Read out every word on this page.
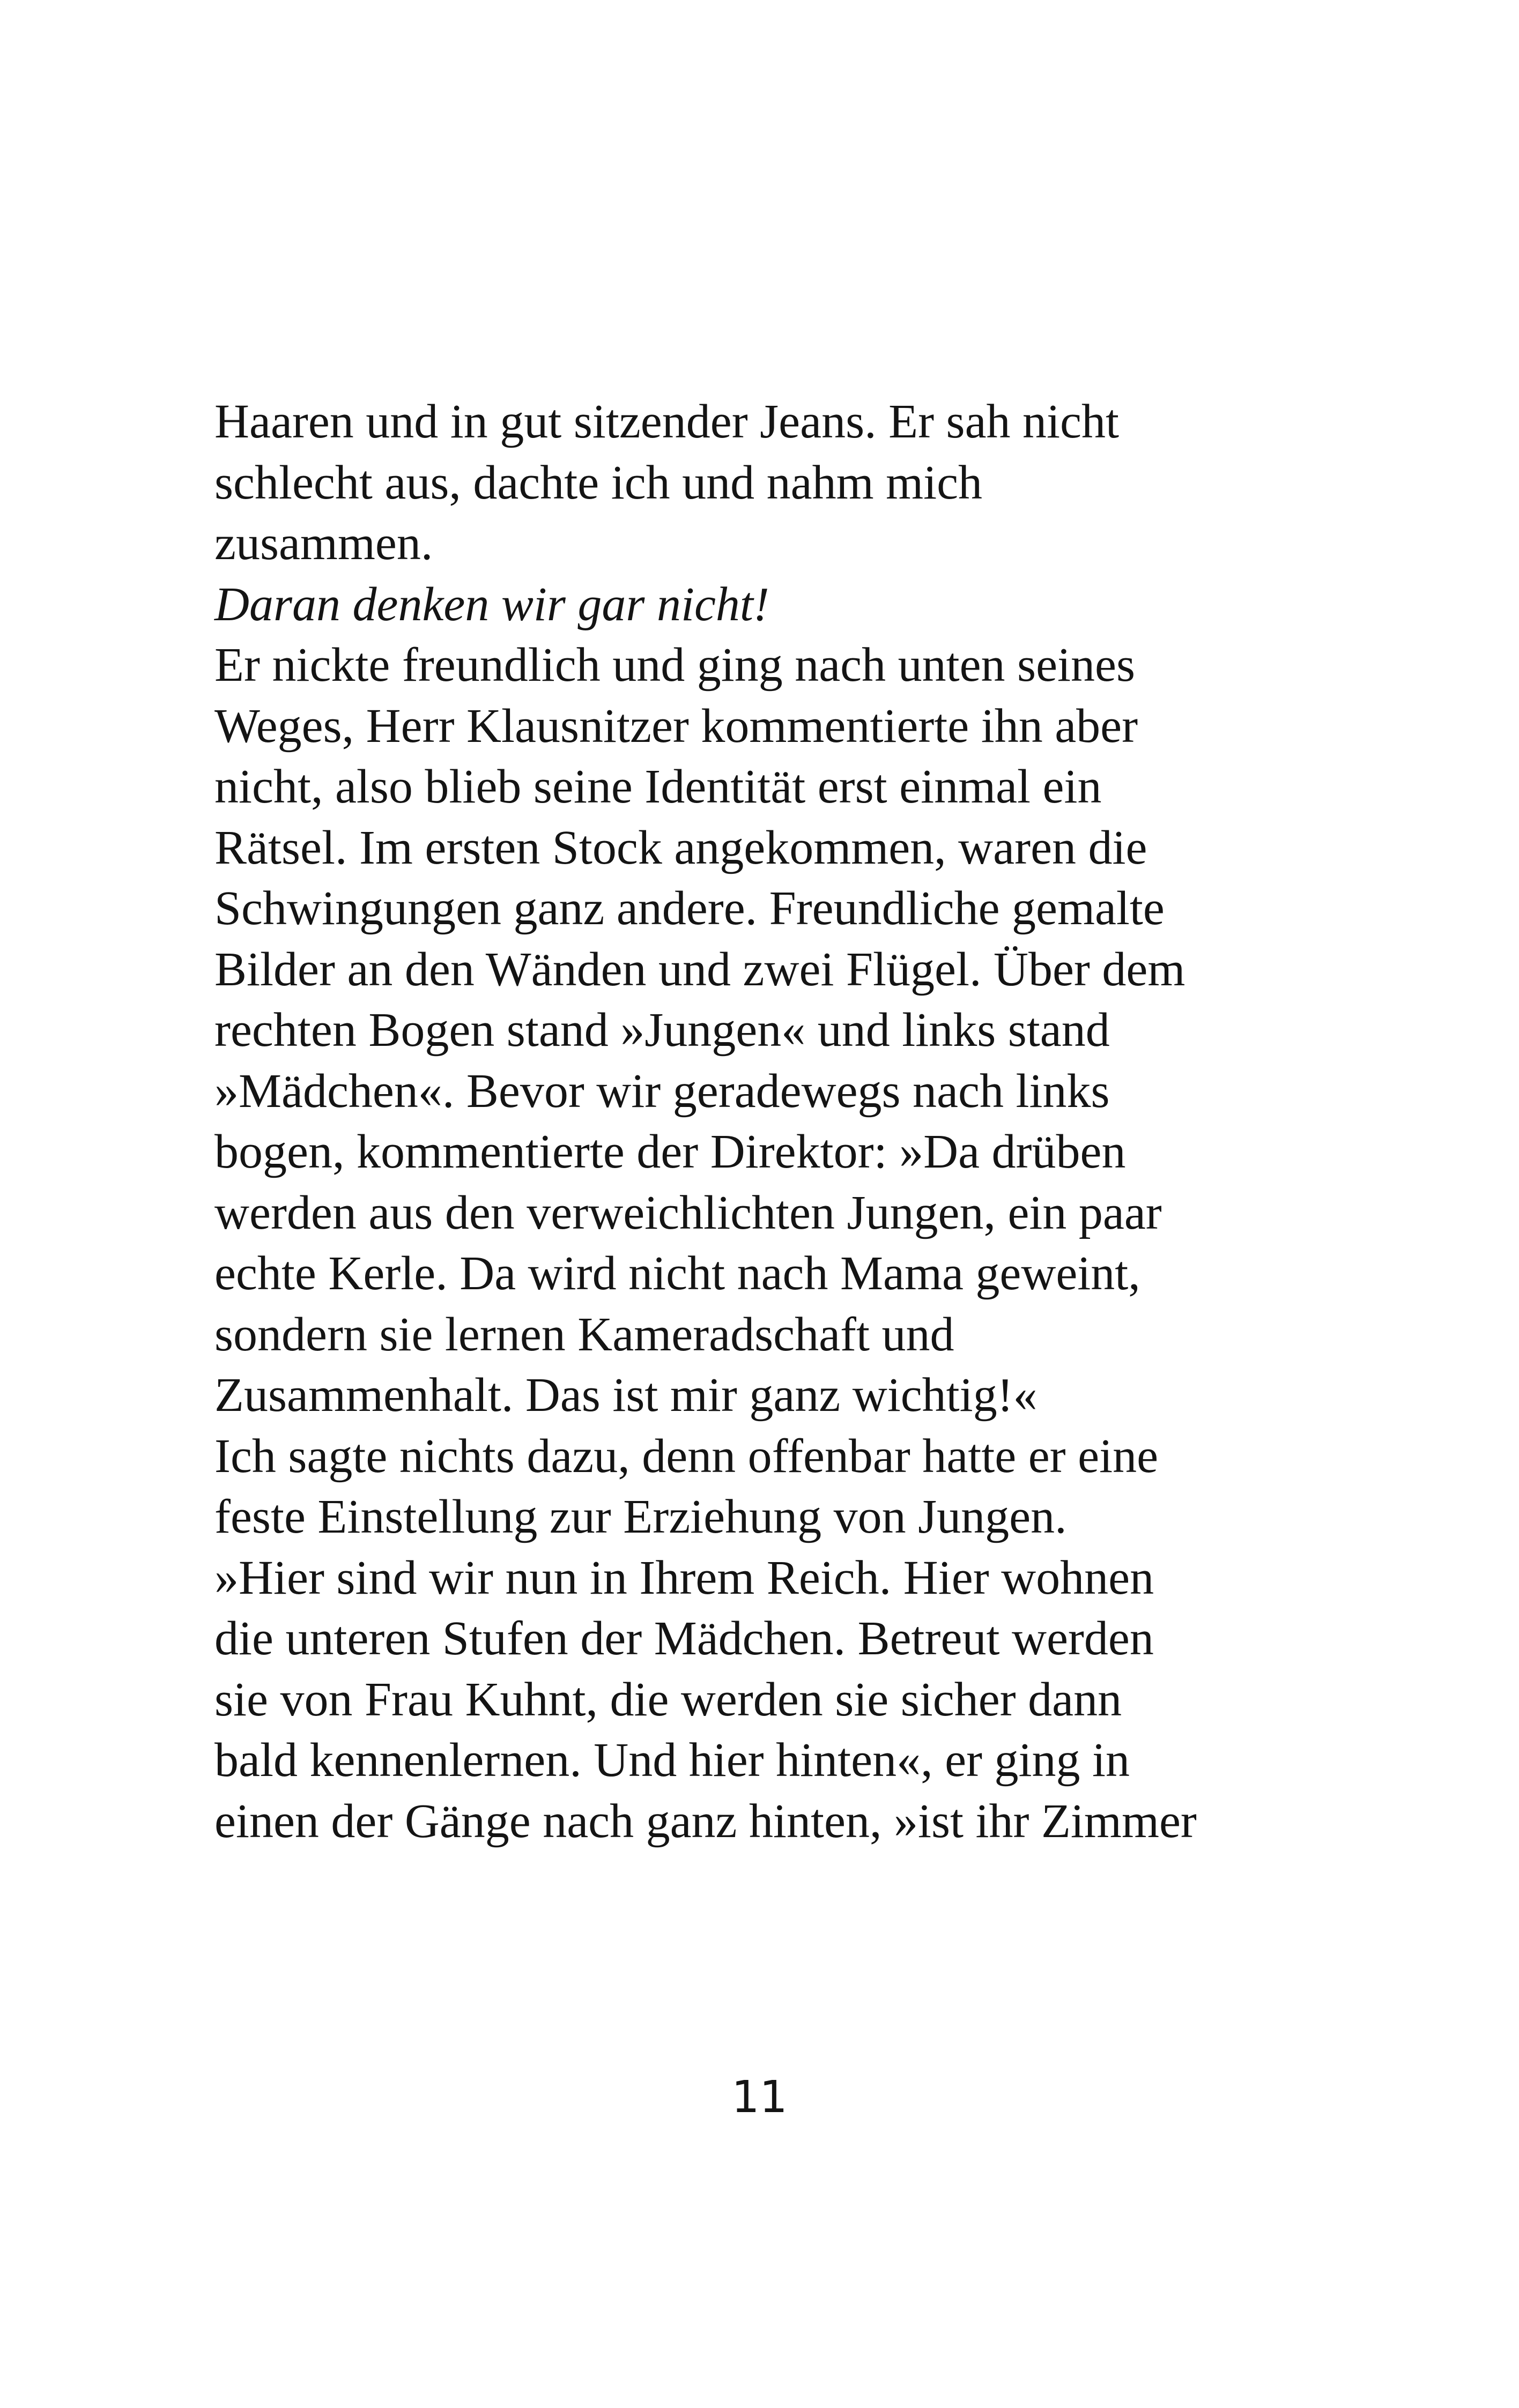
Haaren und in gut sitzender Jeans. Er sah nicht
schlecht aus, dachte ich und nahm mich
zusammen.
Daran denken wir gar nicht!
Er nickte freundlich und ging nach unten seines
Weges, Herr Klausnitzer kommentierte ihn aber
nicht, also blieb seine Identität erst einmal ein
Rätsel. Im ersten Stock angekommen, waren die
Schwingungen ganz andere. Freundliche gemalte
Bilder an den Wänden und zwei Flügel. Über dem
rechten Bogen stand »Jungen« und links stand
»Mädchen«. Bevor wir geradewegs nach links
bogen, kommentierte der Direktor: »Da drüben
werden aus den verweichlichten Jungen, ein paar
echte Kerle. Da wird nicht nach Mama geweint,
sondern sie lernen Kameradschaft und
Zusammenhalt. Das ist mir ganz wichtig!«
Ich sagte nichts dazu, denn offenbar hatte er eine
feste Einstellung zur Erziehung von Jungen.
»Hier sind wir nun in Ihrem Reich. Hier wohnen
die unteren Stufen der Mädchen. Betreut werden
sie von Frau Kuhnt, die werden sie sicher dann
bald kennenlernen. Und hier hinten«, er ging in
einen der Gänge nach ganz hinten, »ist ihr Zimmer
11
